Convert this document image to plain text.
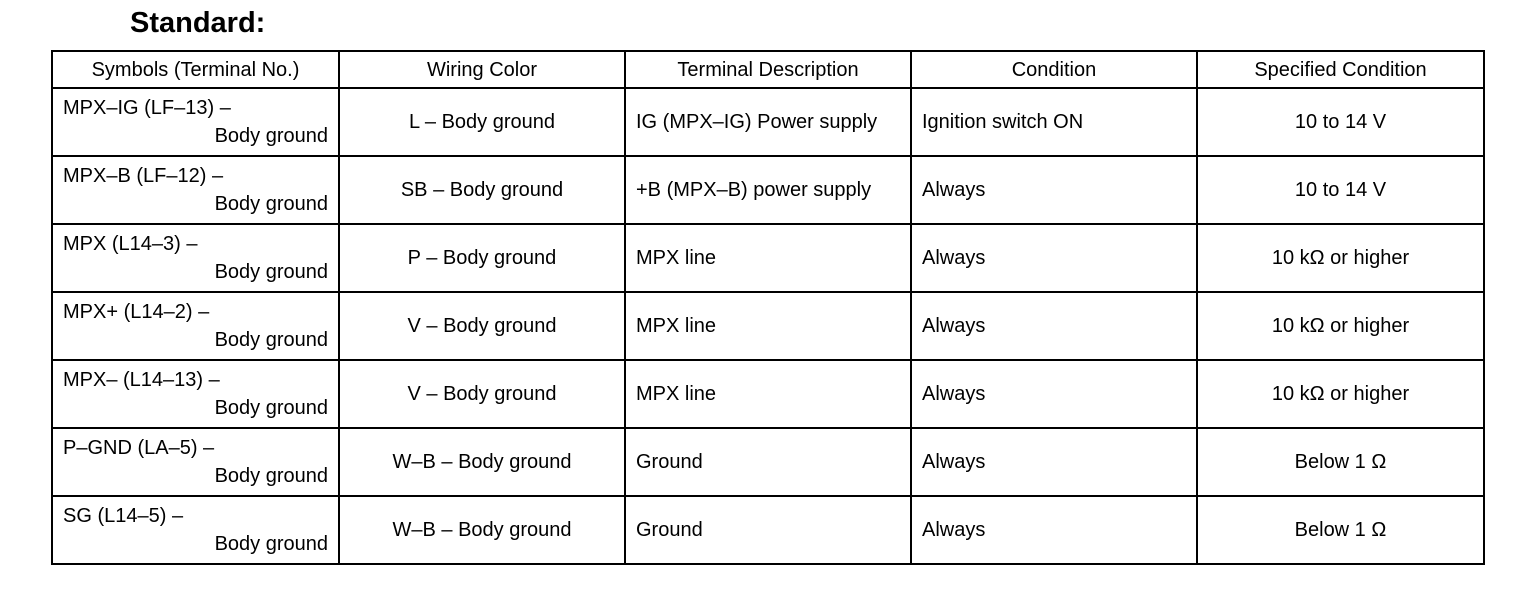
Standard:
Symbols (Terminal No.)	Wiring Color	Terminal Description	Condition	Specified Condition

MPX–IG (LF–13) –
Body ground	L – Body ground	IG (MPX–IG) Power supply	Ignition switch ON	10 to 14 V

MPX–B (LF–12) –
Body ground	SB – Body ground	+B (MPX–B) power supply	Always	10 to 14 V

MPX (L14–3) –
Body ground	P – Body ground	MPX line	Always	10 kΩ or higher

MPX+ (L14–2) –
Body ground	V – Body ground	MPX line	Always	10 kΩ or higher

MPX– (L14–13) –
Body ground	V – Body ground	MPX line	Always	10 kΩ or higher

P–GND (LA–5) –
Body ground	W–B – Body ground	Ground	Always	Below 1 Ω

SG (L14–5) –
Body ground	W–B – Body ground	Ground	Always	Below 1 Ω
